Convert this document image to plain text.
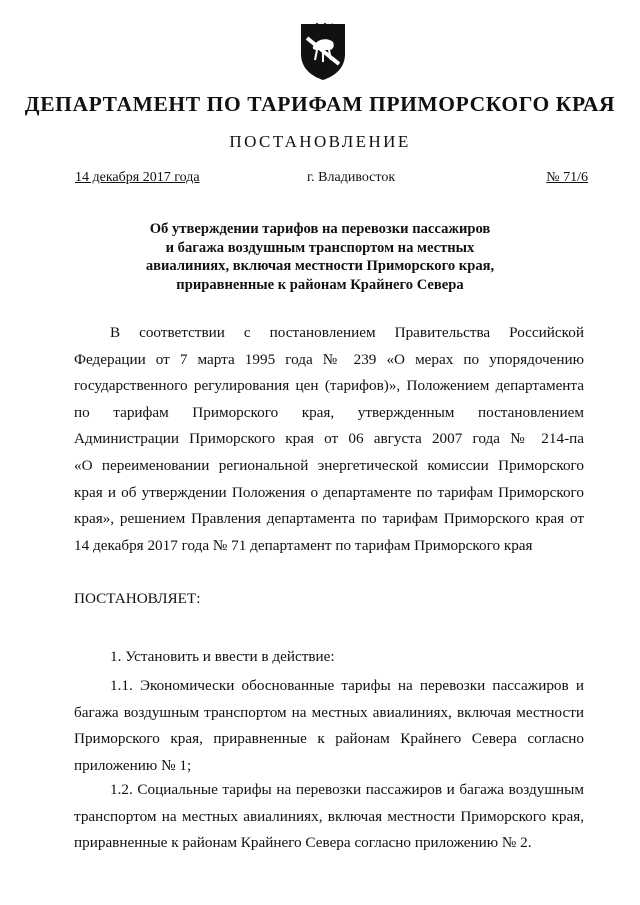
ДЕПАРТАМЕНТ ПО ТАРИФАМ ПРИМОРСКОГО КРАЯ
ПОСТАНОВЛЕНИЕ
14 декабря 2017 года	г. Владивосток	№ 71/6
Об утверждении тарифов на перевозки пассажиров
и багажа воздушным транспортом на местных
авиалиниях, включая местности Приморского края,
приравненные к районам Крайнего Севера
В соответствии с постановлением Правительства Российской
Федерации от 7 марта 1995 года № 239 «О мерах по упорядочению
государственного регулирования цен (тарифов)», Положением департамента
по тарифам Приморского края, утвержденным постановлением
Администрации Приморского края от 06 августа 2007 года № 214-па
«О переименовании региональной энергетической комиссии Приморского
края и об утверждении Положения о департаменте по тарифам Приморского
края», решением Правления департамента по тарифам Приморского края от
14 декабря 2017 года № 71 департамент по тарифам Приморского края
ПОСТАНОВЛЯЕТ:
1. Установить и ввести в действие:
1.1. Экономически обоснованные тарифы на перевозки пассажиров и
багажа воздушным транспортом на местных авиалиниях, включая местности
Приморского края, приравненные к районам Крайнего Севера согласно
приложению № 1;
1.2. Социальные тарифы на перевозки пассажиров и багажа воздушным
транспортом на местных авиалиниях, включая местности Приморского края,
приравненные к районам Крайнего Севера согласно приложению № 2.
